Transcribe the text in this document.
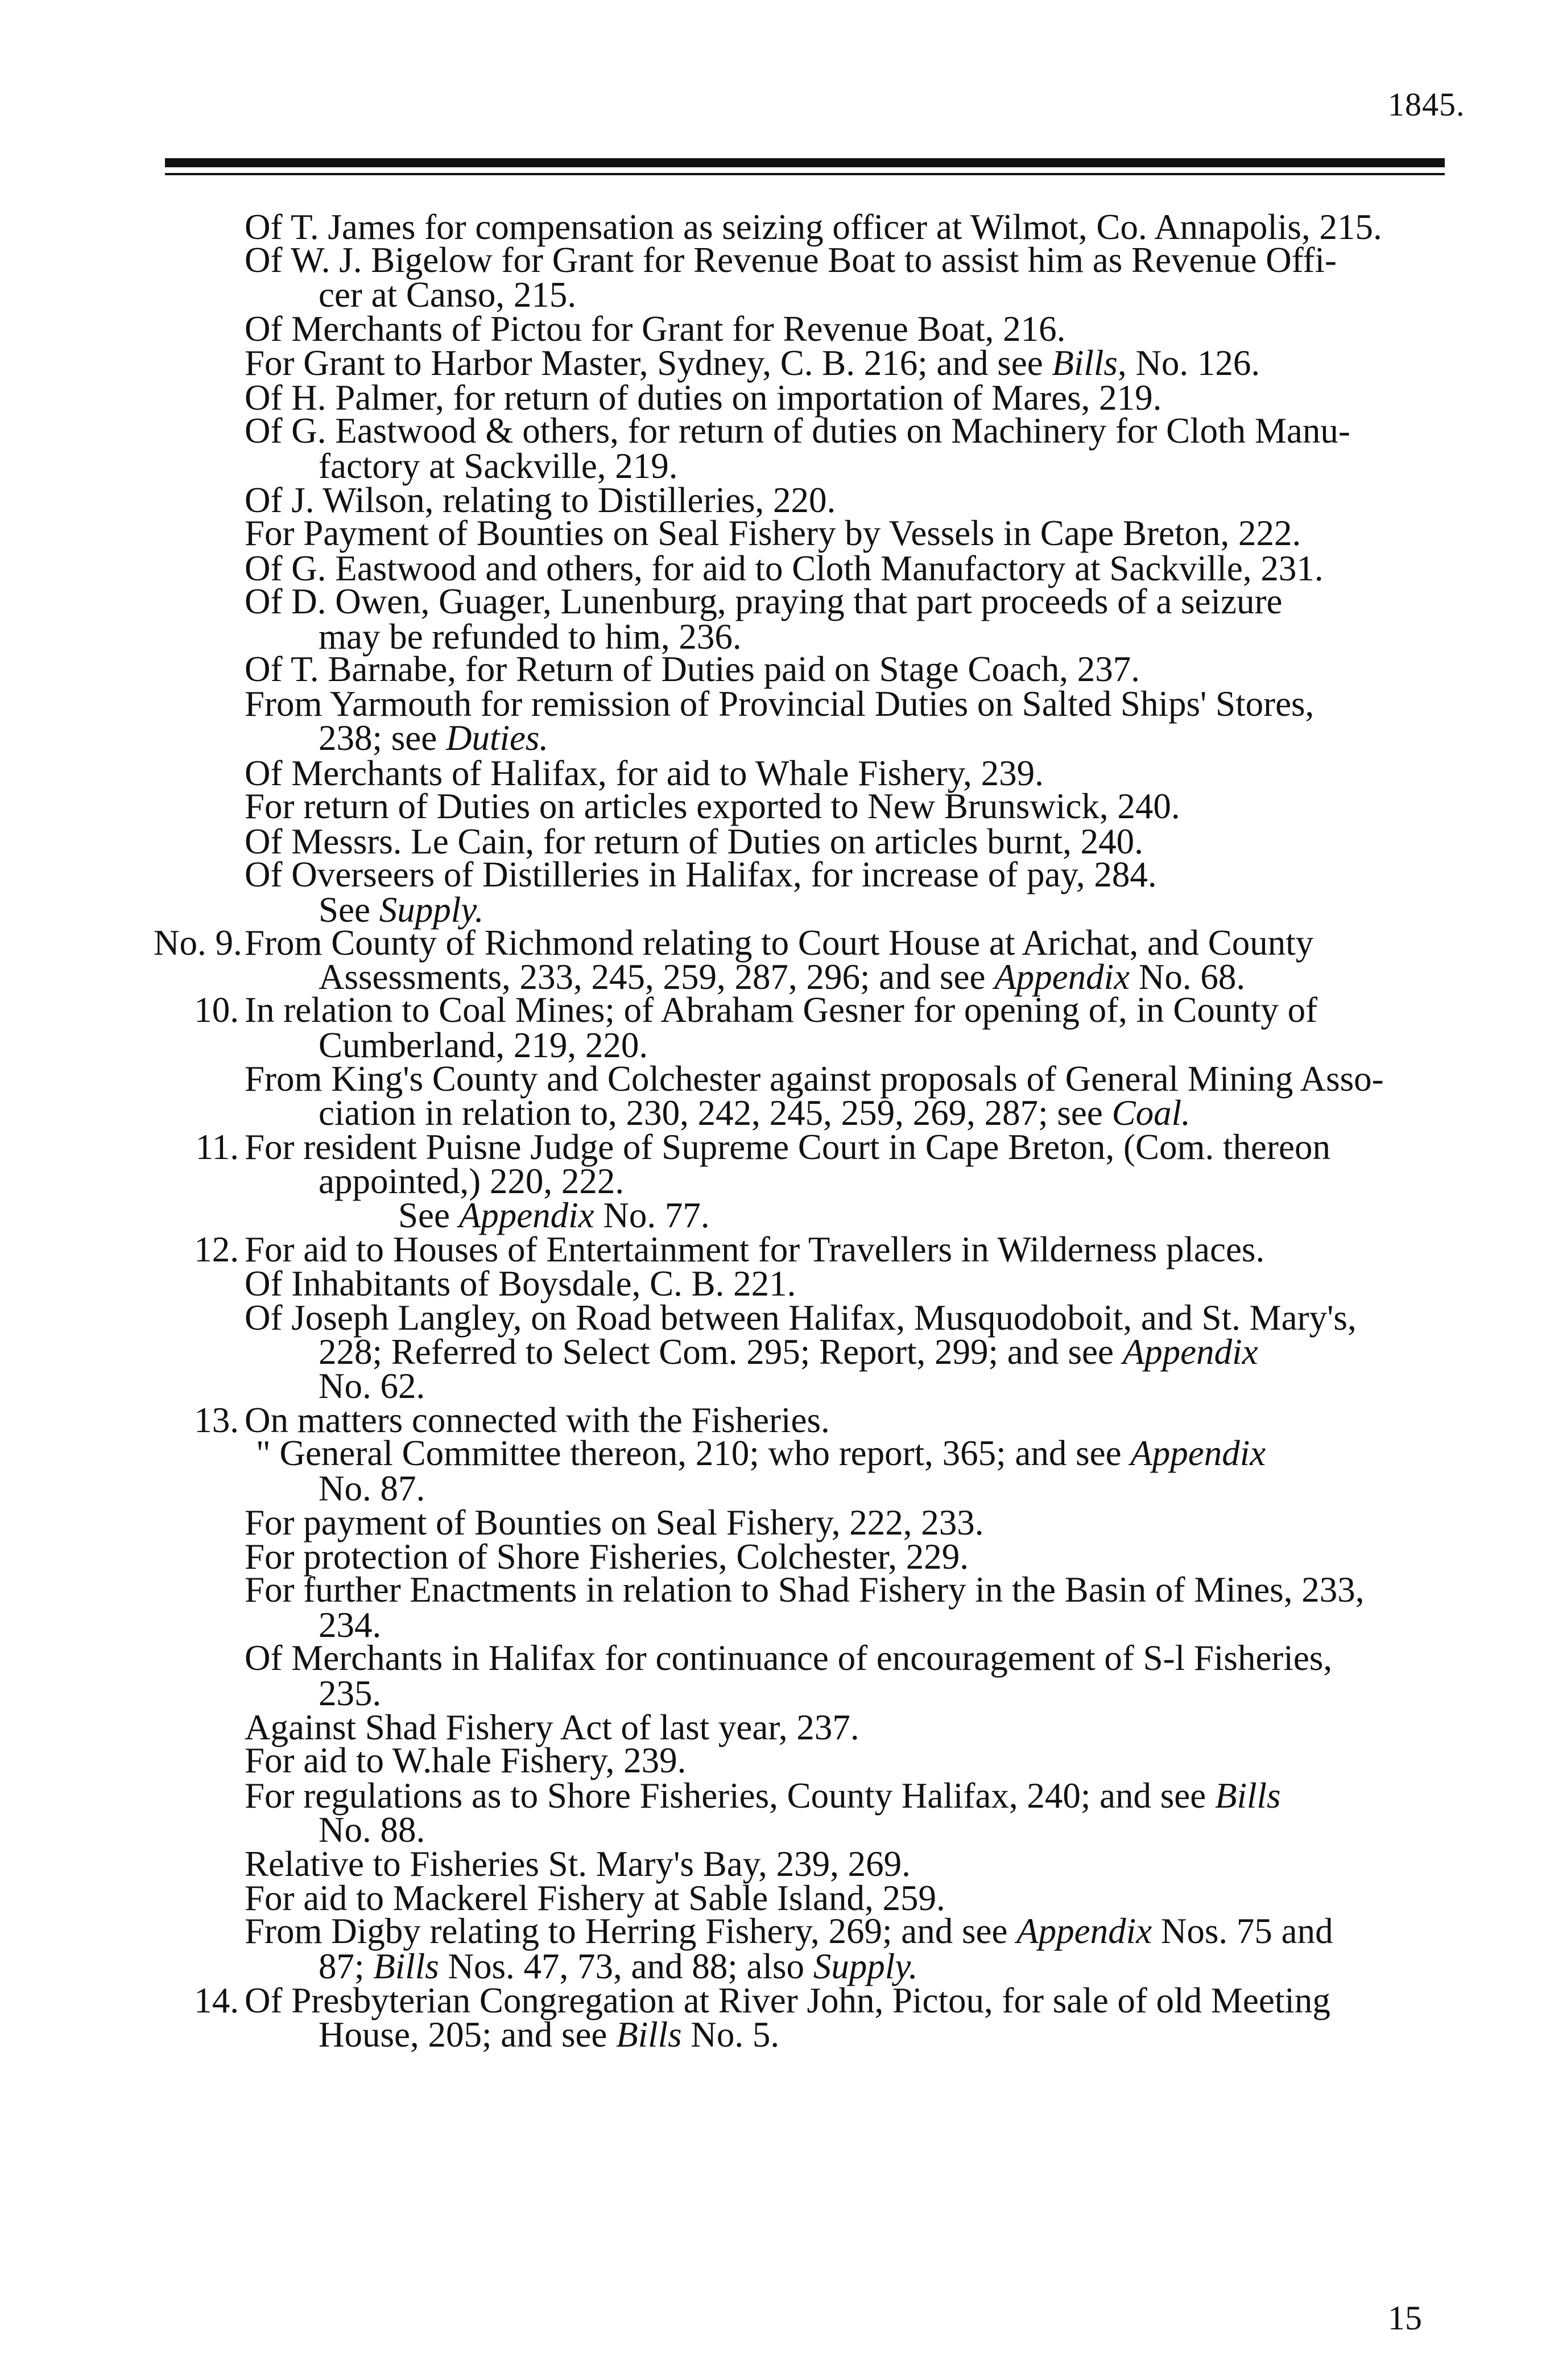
1845.
Of T. James for compensation as seizing officer at Wilmot, Co. Annapolis, 215.
Of W. J. Bigelow for Grant for Revenue Boat to assist him as Revenue Offi-
cer at Canso, 215.
Of Merchants of Pictou for Grant for Revenue Boat, 216.
For Grant to Harbor Master, Sydney, C. B. 216; and see Bills, No. 126.
Of H. Palmer, for return of duties on importation of Mares, 219.
Of G. Eastwood & others, for return of duties on Machinery for Cloth Manu-
factory at Sackville, 219.
Of J. Wilson, relating to Distilleries, 220.
For Payment of Bounties on Seal Fishery by Vessels in Cape Breton, 222.
Of G. Eastwood and others, for aid to Cloth Manufactory at Sackville, 231.
Of D. Owen, Guager, Lunenburg, praying that part proceeds of a seizure
may be refunded to him, 236.
Of T. Barnabe, for Return of Duties paid on Stage Coach, 237.
From Yarmouth for remission of Provincial Duties on Salted Ships' Stores,
238; see Duties.
Of Merchants of Halifax, for aid to Whale Fishery, 239.
For return of Duties on articles exported to New Brunswick, 240.
Of Messrs. Le Cain, for return of Duties on articles burnt, 240.
Of Overseers of Distilleries in Halifax, for increase of pay, 284.
See Supply.
No. 9. From County of Richmond relating to Court House at Arichat, and County
Assessments, 233, 245, 259, 287, 296; and see Appendix No. 68.
10. In relation to Coal Mines; of Abraham Gesner for opening of, in County of
Cumberland, 219, 220.
From King's County and Colchester against proposals of General Mining Asso-
ciation in relation to, 230, 242, 245, 259, 269, 287; see Coal.
11. For resident Puisne Judge of Supreme Court in Cape Breton, (Com. thereon
appointed,) 220, 222.
See Appendix No. 77.
12. For aid to Houses of Entertainment for Travellers in Wilderness places.
Of Inhabitants of Boysdale, C. B. 221.
Of Joseph Langley, on Road between Halifax, Musquodoboit, and St. Mary's,
228; Referred to Select Com. 295; Report, 299; and see Appendix
No. 62.
13. On matters connected with the Fisheries.
" General Committee thereon, 210; who report, 365; and see Appendix
No. 87.
For payment of Bounties on Seal Fishery, 222, 233.
For protection of Shore Fisheries, Colchester, 229.
For further Enactments in relation to Shad Fishery in the Basin of Mines, 233,
234.
Of Merchants in Halifax for continuance of encouragement of S-l Fisheries,
235.
Against Shad Fishery Act of last year, 237.
For aid to W.hale Fishery, 239.
For regulations as to Shore Fisheries, County Halifax, 240; and see Bills
No. 88.
Relative to Fisheries St. Mary's Bay, 239, 269.
For aid to Mackerel Fishery at Sable Island, 259.
From Digby relating to Herring Fishery, 269; and see Appendix Nos. 75 and
87; Bills Nos. 47, 73, and 88; also Supply.
14. Of Presbyterian Congregation at River John, Pictou, for sale of old Meeting
House, 205; and see Bills No. 5.
15
